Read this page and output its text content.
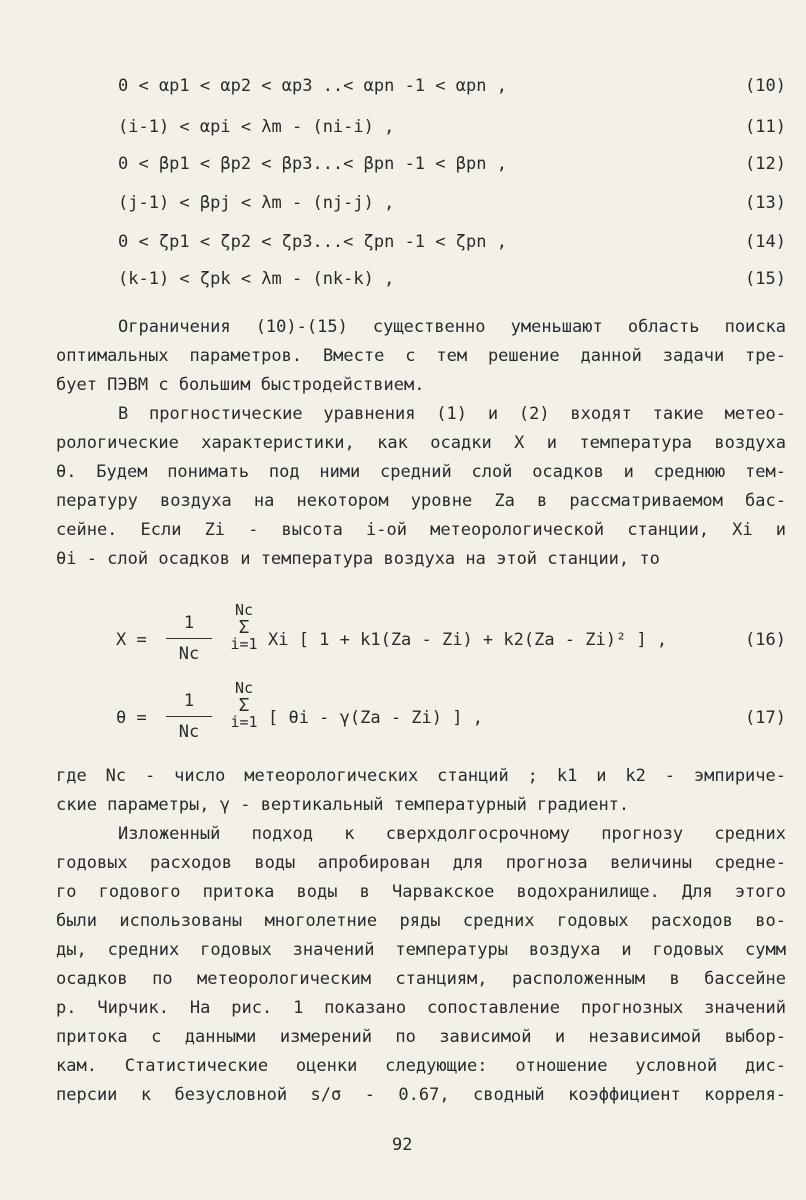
0 < αp1 < αp2 < αp3 ..< αpn -1 < αpn ,	(10)
(i-1) < αpi < λm - (ni-i) ,	(11)
0 < βp1 < βp2 < βp3...< βpn -1 < βpn ,	(12)
(j-1) < βpj < λm - (nj-j) ,	(13)
0 < ζp1 < ζp2 < ζp3...< ζpn -1 < ζpn ,	(14)
(k-1) < ζpk < λm - (nk-k) ,	(15)
Ограничения (10)-(15) существенно уменьшают область поиска
оптимальных параметров. Вместе с тем решение данной задачи тре-
бует ПЭВМ с большим быстродействием.
В прогностические уравнения (1) и (2) входят такие метео-
рологические характеристики, как осадки X и температура воздуха
θ. Будем понимать под ними средний слой осадков и среднюю тем-
пературу воздуха на некотором уровне Za в рассматриваемом бас-
сейне. Если Zi - высота i-ой метеорологической станции, Xi и
θi - слой осадков и температура воздуха на этой станции, то
X =
1
Nc
Nc
Σ
i=1 Xi [ 1 + k1(Za - Zi) + k2(Za - Zi)² ] ,	(16)
θ =
1
Nc
Nc
Σ
i=1 [ θi - γ(Za - Zi) ] ,	(17)
где Nc - число метеорологических станций ; k1 и k2 - эмпириче-
ские параметры, γ - вертикальный температурный градиент.
Изложенный подход к сверхдолгосрочному прогнозу средних
годовых расходов воды апробирован для прогноза величины средне-
го годового притока воды в Чарвакское водохранилище. Для этого
были использованы многолетние ряды средних годовых расходов во-
ды, средних годовых значений температуры воздуха и годовых сумм
осадков по метеорологическим станциям, расположенным в бассейне
р. Чирчик. На рис. 1 показано сопоставление прогнозных значений
притока с данными измерений по зависимой и независимой выбор-
кам. Статистические оценки следующие: отношение условной дис-
персии к безусловной s/σ - 0.67, сводный коэффициент корреля-
92
